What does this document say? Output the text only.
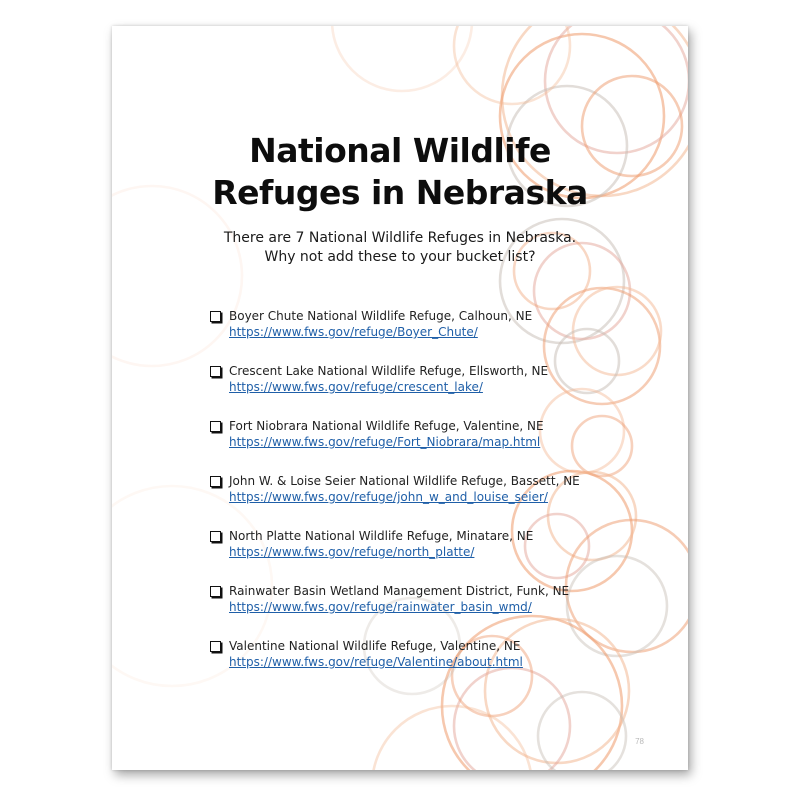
National Wildlife
Refuges in Nebraska
There are 7 National Wildlife Refuges in Nebraska.
Why not add these to your bucket list?
Boyer Chute National Wildlife Refuge, Calhoun, NE
https://www.fws.gov/refuge/Boyer_Chute/
Crescent Lake National Wildlife Refuge, Ellsworth, NE
https://www.fws.gov/refuge/crescent_lake/
Fort Niobrara National Wildlife Refuge, Valentine, NE
https://www.fws.gov/refuge/Fort_Niobrara/map.html
John W. & Loise Seier National Wildlife Refuge, Bassett, NE
https://www.fws.gov/refuge/john_w_and_louise_seier/
North Platte National Wildlife Refuge, Minatare, NE
https://www.fws.gov/refuge/north_platte/
Rainwater Basin Wetland Management District, Funk, NE
https://www.fws.gov/refuge/rainwater_basin_wmd/
Valentine National Wildlife Refuge, Valentine, NE
https://www.fws.gov/refuge/Valentine/about.html
78
